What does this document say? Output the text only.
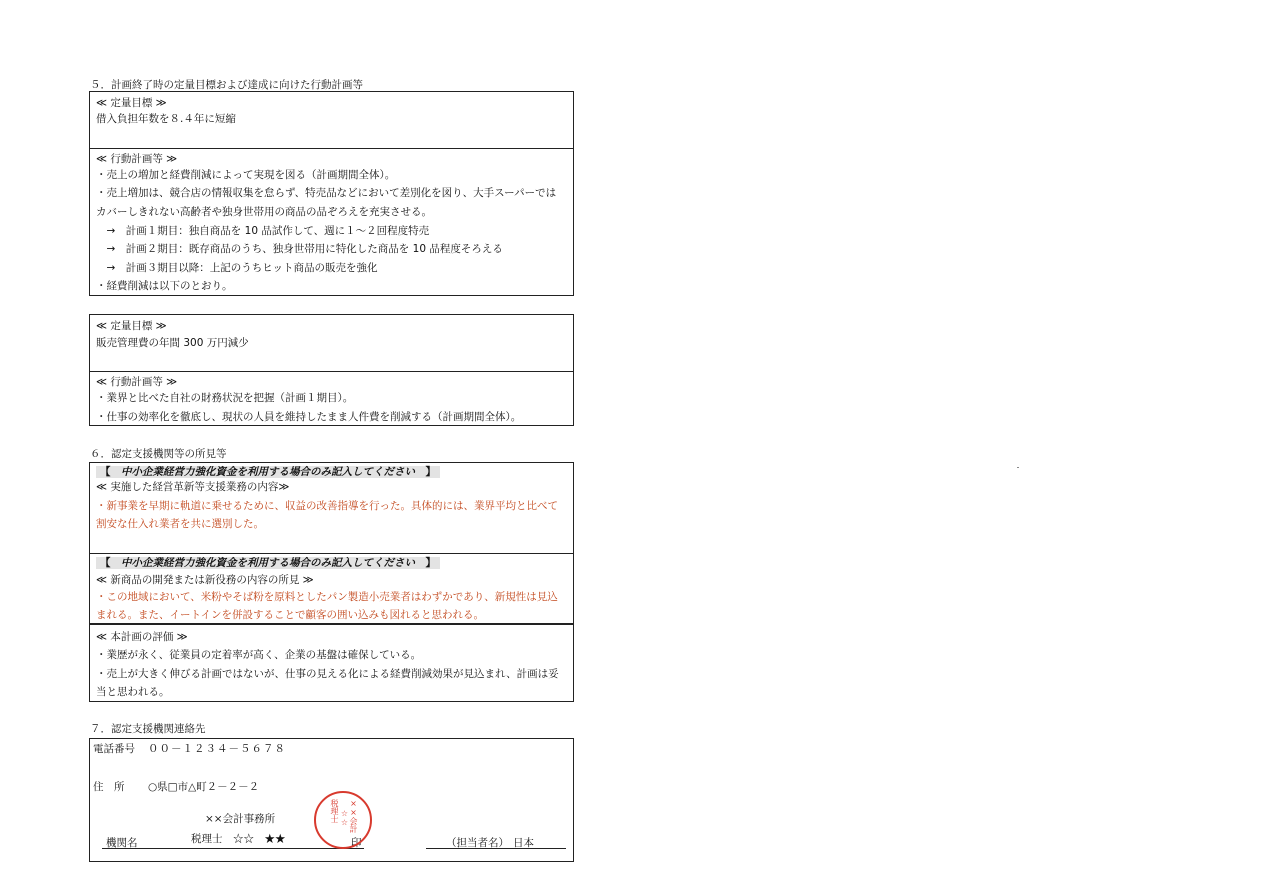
５．計画終了時の定量目標および達成に向けた行動計画等
≪ 定量目標 ≫
借入負担年数を８.４年に短縮
≪ 行動計画等 ≫
・売上の増加と経費削減によって実現を図る（計画期間全体）。
・売上増加は、競合店の情報収集を怠らず、特売品などにおいて差別化を図り、大手スーパーでは
カバーしきれない高齢者や独身世帯用の商品の品ぞろえを充実させる。
　→　計画１期目：独自商品を 10 品試作して、週に１～２回程度特売
　→　計画２期目：既存商品のうち、独身世帯用に特化した商品を 10 品程度そろえる
　→　計画３期目以降：上記のうちヒット商品の販売を強化
・経費削減は以下のとおり。
≪ 定量目標 ≫
販売管理費の年間 300 万円減少
≪ 行動計画等 ≫
・業界と比べた自社の財務状況を把握（計画１期目）。
・仕事の効率化を徹底し、現状の人員を維持したまま人件費を削減する（計画期間全体）。
６．認定支援機関等の所見等
【　 中小企業経営力強化資金を利用する場合のみ記入してください　 】
≪ 実施した経営革新等支援業務の内容≫
・新事業を早期に軌道に乗せるために、収益の改善指導を行った。具体的には、業界平均と比べて
割安な仕入れ業者を共に選別した。
【　 中小企業経営力強化資金を利用する場合のみ記入してください　 】
≪ 新商品の開発または新役務の内容の所見 ≫
・この地域において、米粉やそば粉を原料としたパン製造小売業者はわずかであり、新規性は見込
まれる。また、イートインを併設することで顧客の囲い込みも図れると思われる。
≪ 本計画の評価 ≫
・業歴が永く、従業員の定着率が高く、企業の基盤は確保している。
・売上が大きく伸びる計画ではないが、仕事の見える化による経費削減効果が見込まれ、計画は妥
当と思われる。
７．認定支援機関連絡先
電話番号 ００－１２３４－５６７８
住　所 ○県□市△町２－２－２
××会計事務所
税理士　☆☆　★★
機関名	印	（担当者名） 日本
××会計
税理士 ☆☆
